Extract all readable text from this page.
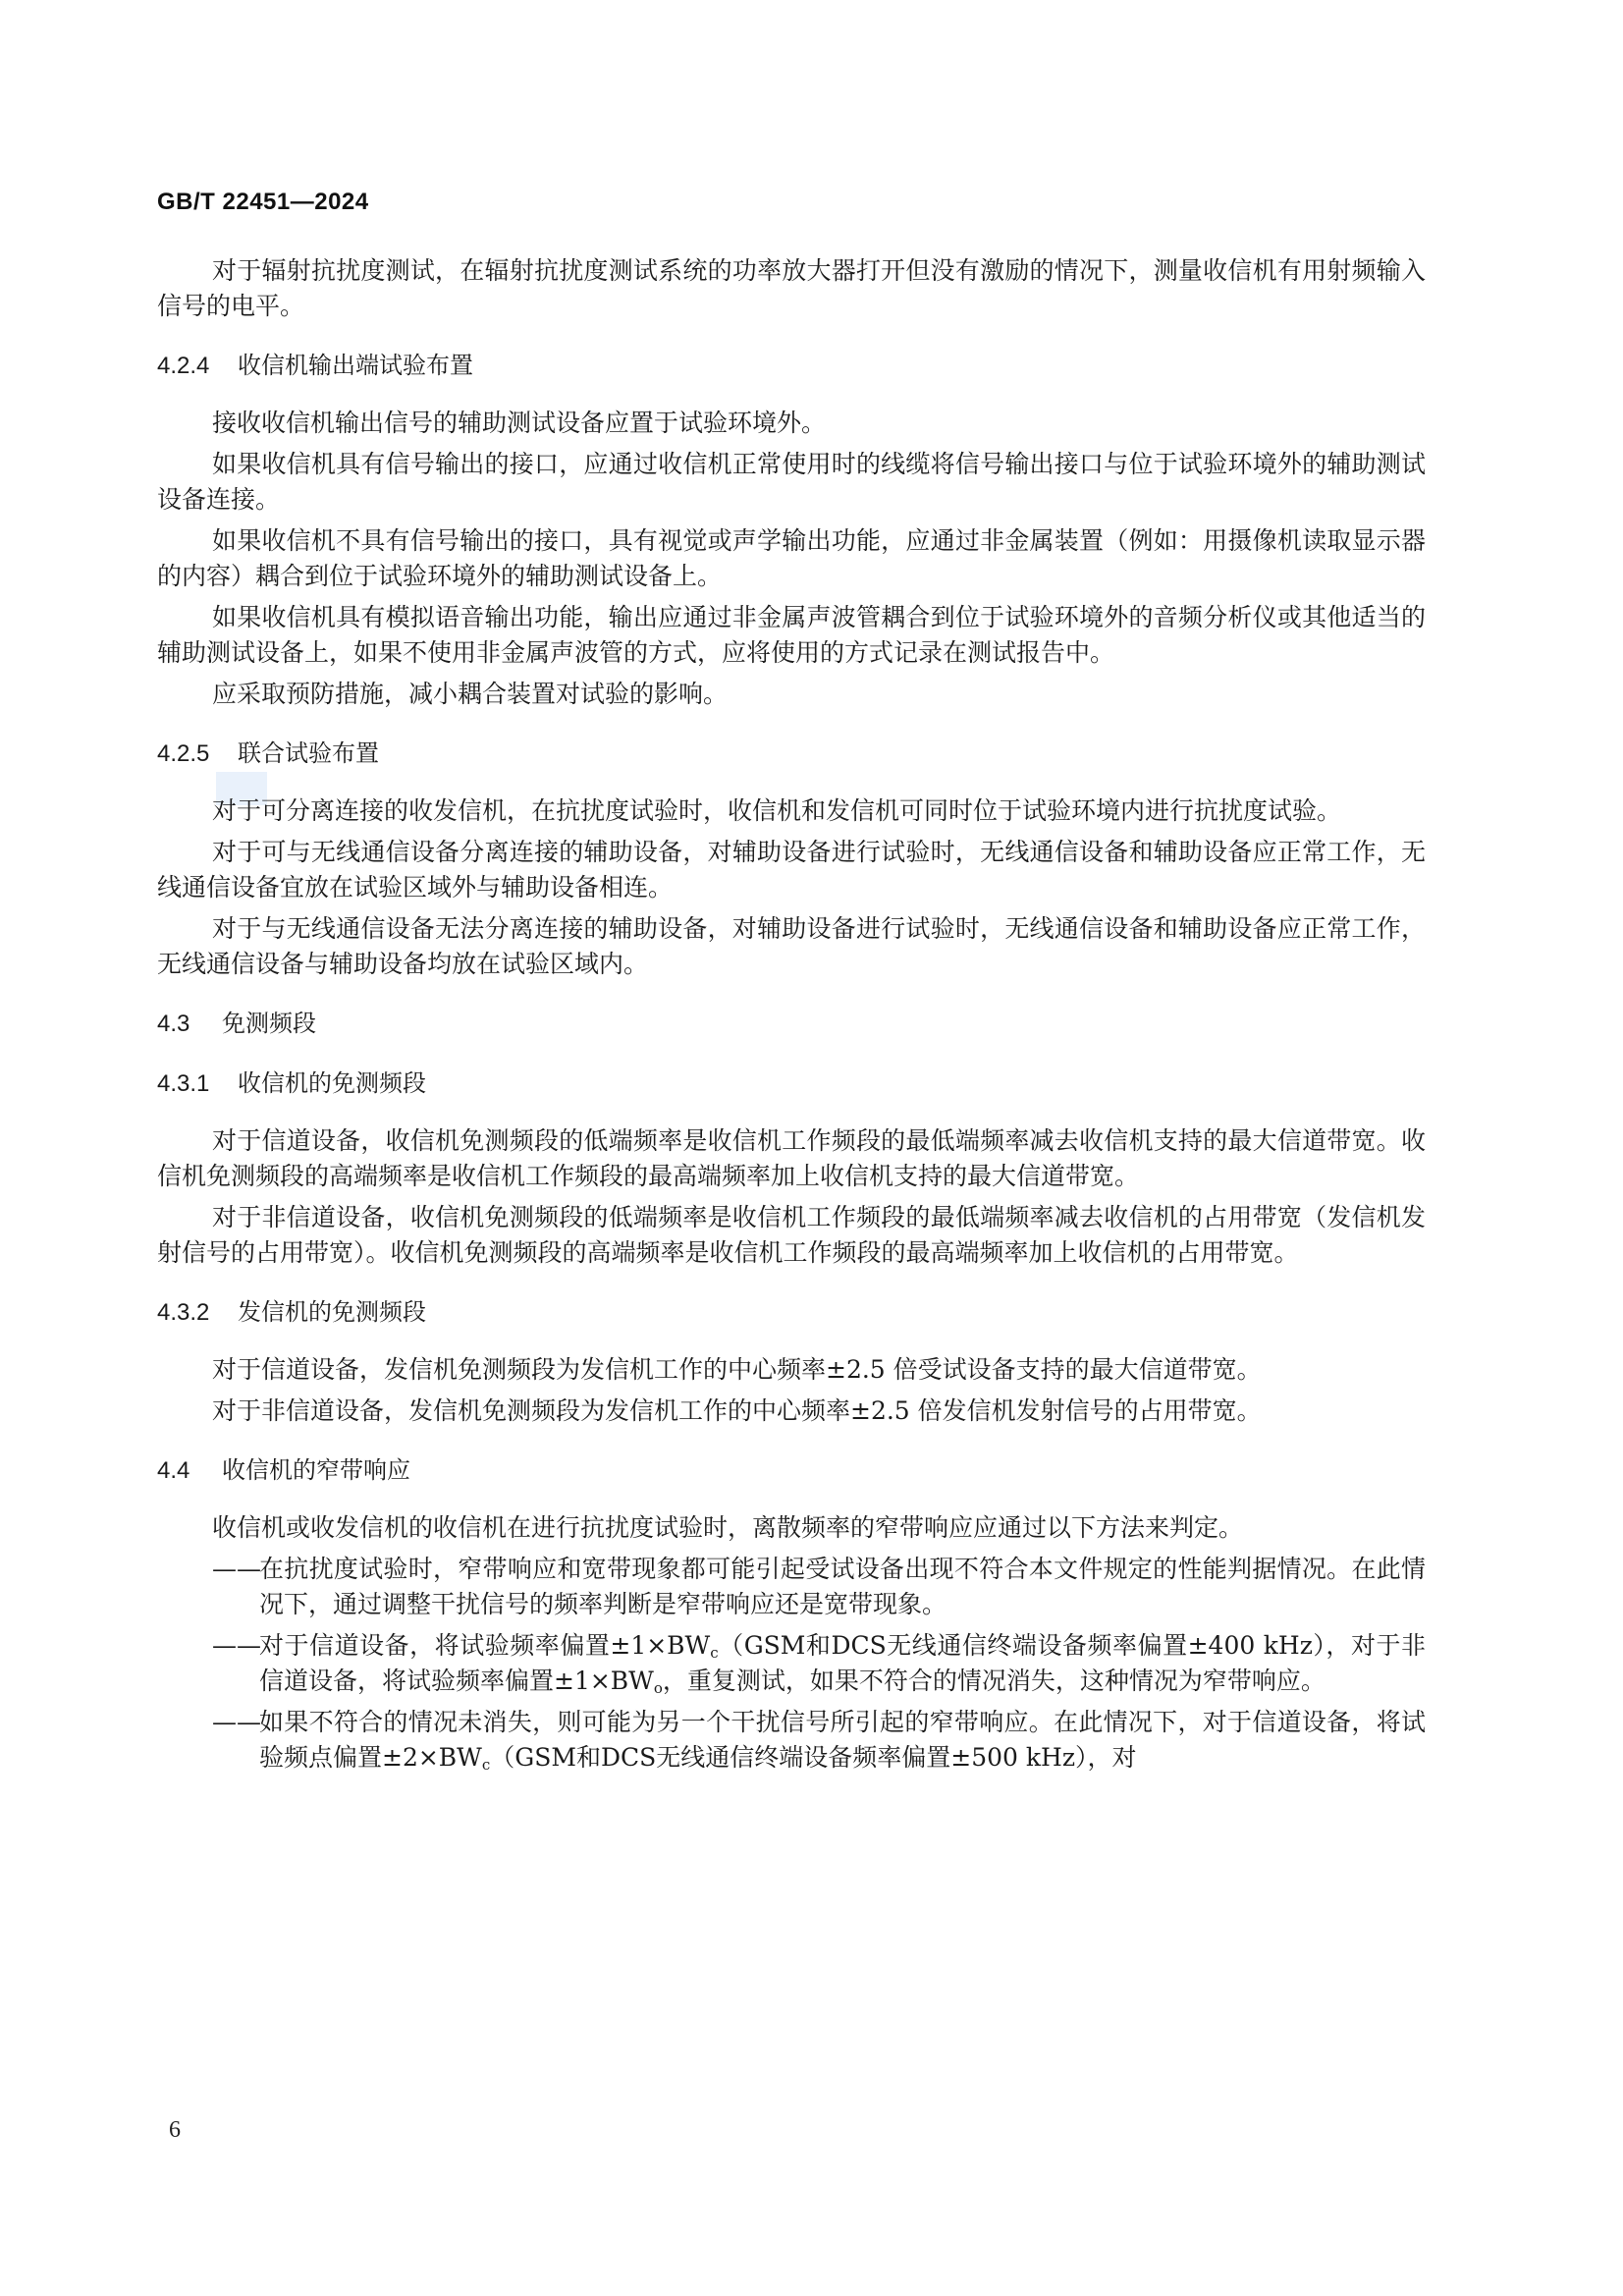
GB/T 22451—2024

对于辐射抗扰度测试，在辐射抗扰度测试系统的功率放大器打开但没有激励的情况下，测量收信机有用射频输入信号的电平。

4.2.4 收信机输出端试验布置

接收收信机输出信号的辅助测试设备应置于试验环境外。

如果收信机具有信号输出的接口，应通过收信机正常使用时的线缆将信号输出接口与位于试验环境外的辅助测试设备连接。

如果收信机不具有信号输出的接口，具有视觉或声学输出功能，应通过非金属装置（例如：用摄像机读取显示器的内容）耦合到位于试验环境外的辅助测试设备上。

如果收信机具有模拟语音输出功能，输出应通过非金属声波管耦合到位于试验环境外的音频分析仪或其他适当的辅助测试设备上，如果不使用非金属声波管的方式，应将使用的方式记录在测试报告中。

应采取预防措施，减小耦合装置对试验的影响。

4.2.5 联合试验布置

对于可分离连接的收发信机，在抗扰度试验时，收信机和发信机可同时位于试验环境内进行抗扰度试验。

对于可与无线通信设备分离连接的辅助设备，对辅助设备进行试验时，无线通信设备和辅助设备应正常工作，无线通信设备宜放在试验区域外与辅助设备相连。

对于与无线通信设备无法分离连接的辅助设备，对辅助设备进行试验时，无线通信设备和辅助设备应正常工作，无线通信设备与辅助设备均放在试验区域内。

4.3 免测频段
4.3.1 收信机的免测频段

对于信道设备，收信机免测频段的低端频率是收信机工作频段的最低端频率减去收信机支持的最大信道带宽。收信机免测频段的高端频率是收信机工作频段的最高端频率加上收信机支持的最大信道带宽。

对于非信道设备，收信机免测频段的低端频率是收信机工作频段的最低端频率减去收信机的占用带宽（发信机发射信号的占用带宽）。收信机免测频段的高端频率是收信机工作频段的最高端频率加上收信机的占用带宽。

4.3.2 发信机的免测频段

对于信道设备，发信机免测频段为发信机工作的中心频率±2.5 倍受试设备支持的最大信道带宽。

对于非信道设备，发信机免测频段为发信机工作的中心频率±2.5 倍发信机发射信号的占用带宽。

4.4 收信机的窄带响应

收信机或收发信机的收信机在进行抗扰度试验时，离散频率的窄带响应应通过以下方法来判定。

——
在抗扰度试验时，窄带响应和宽带现象都可能引起受试设备出现不符合本文件规定的性能判据情况。在此情况下，通过调整干扰信号的频率判断是窄带响应还是宽带现象。
——
对于信道设备，将试验频率偏置$\pm 1\times BW_c(GSM$和DCS无线通信终端设备频率偏置±400 kHz），对于非信道设备，将试验频率偏置$\pm 1\times BW_o$，重复测试，如果不符合的情况消失，这种情况为窄带响应。
——
如果不符合的情况未消失，则可能为另一个干扰信号所引起的窄带响应。在此情况下，对于信道设备，将试验频点偏置$\pm 2\times BW_c(GSM$和DCS无线通信终端设备频率偏置±500 kHz），对
6
